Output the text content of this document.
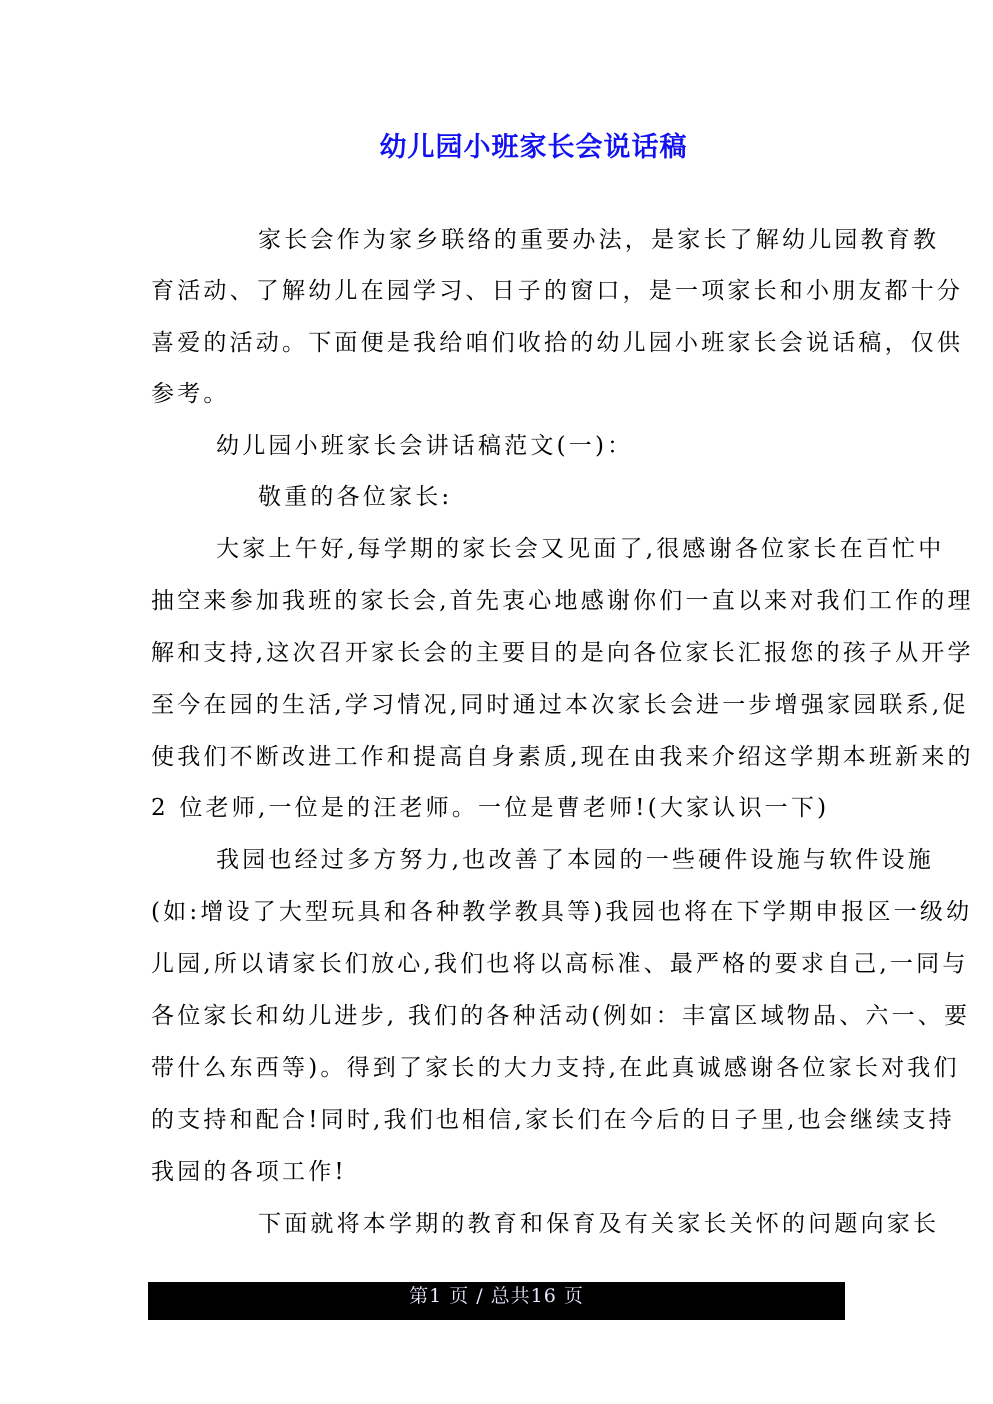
幼儿园小班家长会说话稿
家长会作为家乡联络的重要办法，是家长了解幼儿园教育教
育活动、了解幼儿在园学习、日子的窗口，是一项家长和小朋友都十分
喜爱的活动。下面便是我给咱们收拾的幼儿园小班家长会说话稿，仅供
参考。
幼儿园小班家长会讲话稿范文(一)：
敬重的各位家长:
大家上午好,每学期的家长会又见面了,很感谢各位家长在百忙中
抽空来参加我班的家长会,首先衷心地感谢你们一直以来对我们工作的理
解和支持,这次召开家长会的主要目的是向各位家长汇报您的孩子从开学
至今在园的生活,学习情况,同时通过本次家长会进一步增强家园联系,促
使我们不断改进工作和提高自身素质,现在由我来介绍这学期本班新来的
2 位老师,一位是的汪老师。一位是曹老师!(大家认识一下)
我园也经过多方努力,也改善了本园的一些硬件设施与软件设施
(如:增设了大型玩具和各种教学教具等)我园也将在下学期申报区一级幼
儿园,所以请家长们放心,我们也将以高标准、最严格的要求自己,一同与
各位家长和幼儿进步, 我们的各种活动(例如：丰富区域物品、六一、要
带什么东西等)。得到了家长的大力支持,在此真诚感谢各位家长对我们
的支持和配合!同时,我们也相信,家长们在今后的日子里,也会继续支持
我园的各项工作!
下面就将本学期的教育和保育及有关家长关怀的问题向家长
第1 页 / 总共16 页
